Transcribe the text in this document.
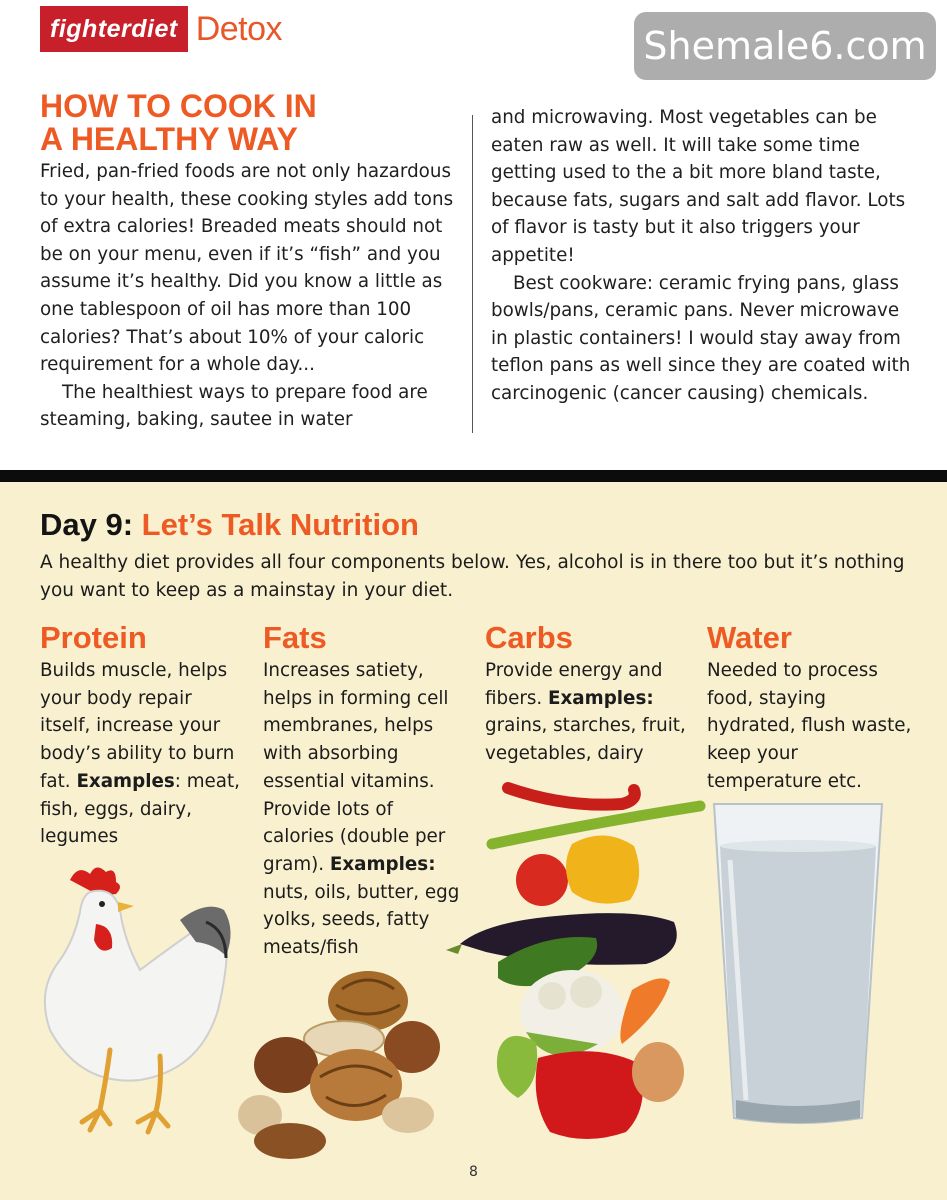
fighterdiet Detox	Shemale6.com
HOW TO COOK IN
A HEALTHY WAY

Fried, pan-fried foods are not only hazardous to your health, these cooking styles add tons of extra calories! Breaded meats should not be on your menu, even if it’s “fish” and you assume it’s healthy. Did you know a little as one tablespoon of oil has more than 100 calories? That’s about 10% of your caloric requirement for a whole day...

The healthiest ways to prepare food are steaming, baking, sautee in water

and microwaving. Most vegetables can be eaten raw as well. It will take some time getting used to the a bit more bland taste, because fats, sugars and salt add flavor. Lots of flavor is tasty but it also triggers your appetite!

Best cookware: ceramic frying pans, glass bowls/pans, ceramic pans. Never microwave in plastic containers! I would stay away from teflon pans as well since they are coated with carcinogenic (cancer causing) chemicals.

Day 9: Let’s Talk Nutrition
A healthy diet provides all four components below. Yes, alcohol is in there too but it’s nothing you want to keep as a mainstay in your diet.
Protein
Builds muscle, helps your body repair itself, increase your body’s ability to burn fat. Examples: meat, fish, eggs, dairy, legumes
Fats
Increases satiety, helps in forming cell membranes, helps with absorbing essential vitamins. Provide lots of calories (double per gram). Examples: nuts, oils, butter, egg yolks, seeds, fatty meats/fish
Carbs
Provide energy and fibers. Examples: grains, starches, fruit, vegetables, dairy
Water
Needed to process food, staying hydrated, flush waste, keep your temperature etc.
8
